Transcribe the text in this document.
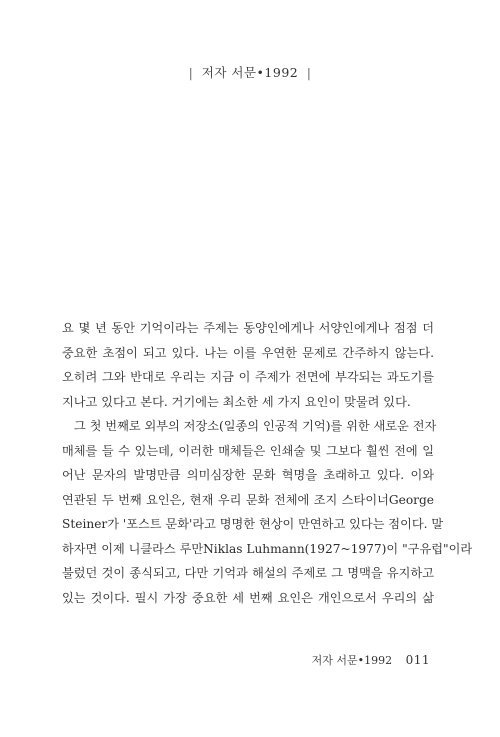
| 저자 서문•1992 |
요 몇 년 동안 기억이라는 주제는 동양인에게나 서양인에게나 점점 더
중요한 초점이 되고 있다. 나는 이를 우연한 문제로 간주하지 않는다.
오히려 그와 반대로 우리는 지금 이 주제가 전면에 부각되는 과도기를
지나고 있다고 본다. 거기에는 최소한 세 가지 요인이 맞물려 있다.
그 첫 번째로 외부의 저장소(일종의 인공적 기억)를 위한 새로운 전자
매체를 들 수 있는데, 이러한 매체들은 인쇄술 및 그보다 훨씬 전에 일
어난 문자의 발명만큼 의미심장한 문화 혁명을 초래하고 있다. 이와
연관된 두 번째 요인은, 현재 우리 문화 전체에 조지 스타이너George
Steiner가 '포스트 문화'라고 명명한 현상이 만연하고 있다는 점이다. 말
하자면 이제 니클라스 루만Niklas Luhmann(1927~1977)이 "구유럽"이라
불렀던 것이 종식되고, 다만 기억과 해설의 주제로 그 명맥을 유지하고
있는 것이다. 필시 가장 중요한 세 번째 요인은 개인으로서 우리의 삶
저자 서문•1992 011
